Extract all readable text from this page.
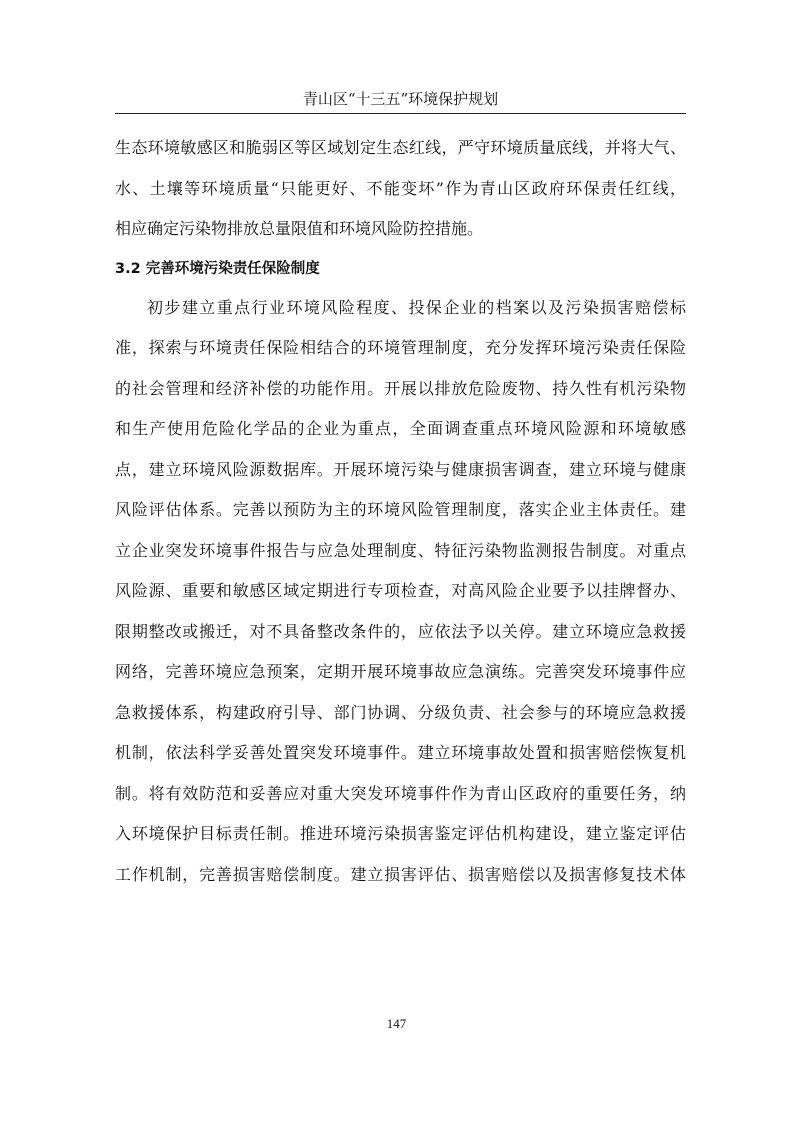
青山区“十三五”环境保护规划
生态环境敏感区和脆弱区等区域划定生态红线，严守环境质量底线，并将大气、
水、土壤等环境质量“只能更好、不能变坏”作为青山区政府环保责任红线，
相应确定污染物排放总量限值和环境风险防控措施。
3.2 完善环境污染责任保险制度
初步建立重点行业环境风险程度、投保企业的档案以及污染损害赔偿标
准，探索与环境责任保险相结合的环境管理制度，充分发挥环境污染责任保险
的社会管理和经济补偿的功能作用。开展以排放危险废物、持久性有机污染物
和生产使用危险化学品的企业为重点，全面调查重点环境风险源和环境敏感
点，建立环境风险源数据库。开展环境污染与健康损害调查，建立环境与健康
风险评估体系。完善以预防为主的环境风险管理制度，落实企业主体责任。建
立企业突发环境事件报告与应急处理制度、特征污染物监测报告制度。对重点
风险源、重要和敏感区域定期进行专项检查，对高风险企业要予以挂牌督办、
限期整改或搬迁，对不具备整改条件的，应依法予以关停。建立环境应急救援
网络，完善环境应急预案，定期开展环境事故应急演练。完善突发环境事件应
急救援体系，构建政府引导、部门协调、分级负责、社会参与的环境应急救援
机制，依法科学妥善处置突发环境事件。建立环境事故处置和损害赔偿恢复机
制。将有效防范和妥善应对重大突发环境事件作为青山区政府的重要任务，纳
入环境保护目标责任制。推进环境污染损害鉴定评估机构建设，建立鉴定评估
工作机制，完善损害赔偿制度。建立损害评估、损害赔偿以及损害修复技术体
147
